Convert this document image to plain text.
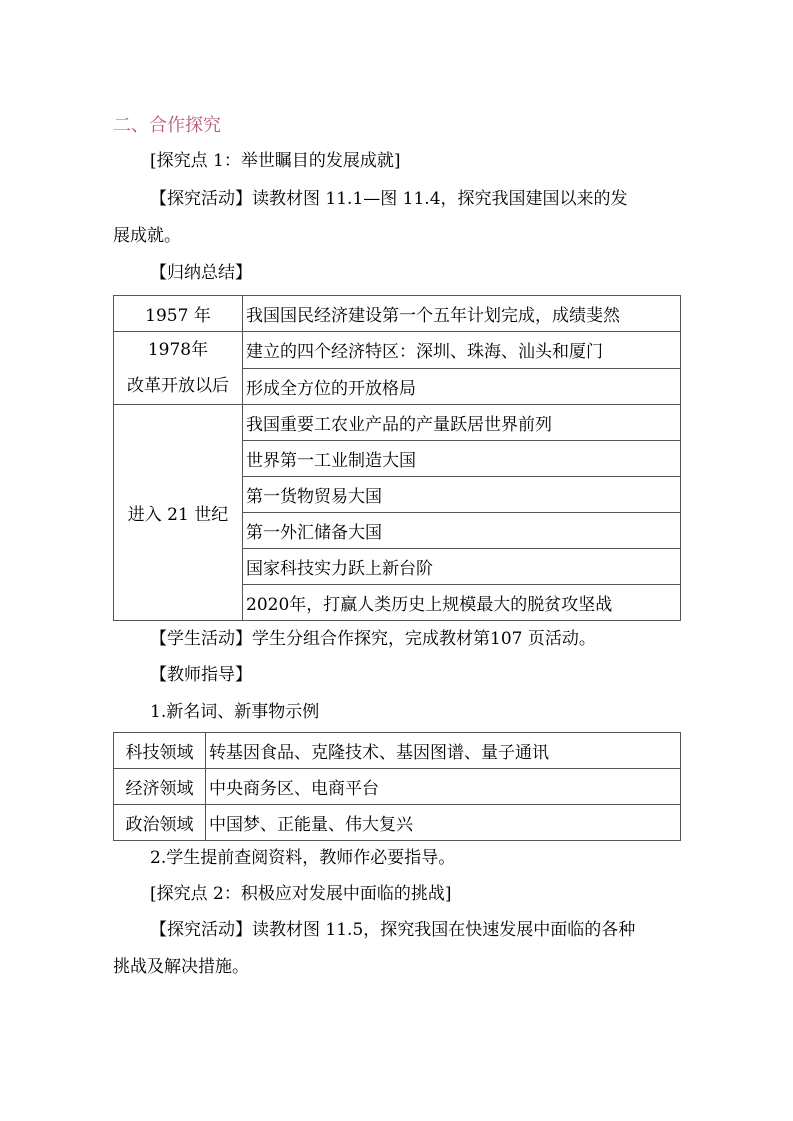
二、合作探究
[探究点 1：举世瞩目的发展成就]
【探究活动】读教材图 11.1—图 11.4，探究我国建国以来的发
展成就。
【归纳总结】
1957 年	我国国民经济建设第一个五年计划完成，成绩斐然

1978年
改革开放以后	建立的四个经济特区：深圳、珠海、汕头和厦门
	形成全方位的开放格局
进入 21 世纪	我国重要工农业产品的产量跃居世界前列
	世界第一工业制造大国
	第一货物贸易大国
	第一外汇储备大国
	国家科技实力跃上新台阶
	2020年，打赢人类历史上规模最大的脱贫攻坚战
【学生活动】学生分组合作探究，完成教材第107 页活动。
【教师指导】
1.新名词、新事物示例
科技领域	转基因食品、克隆技术、基因图谱、量子通讯
经济领域	中央商务区、电商平台
政治领域	中国梦、正能量、伟大复兴
2.学生提前查阅资料，教师作必要指导。
[探究点 2：积极应对发展中面临的挑战]
【探究活动】读教材图 11.5，探究我国在快速发展中面临的各种
挑战及解决措施。
